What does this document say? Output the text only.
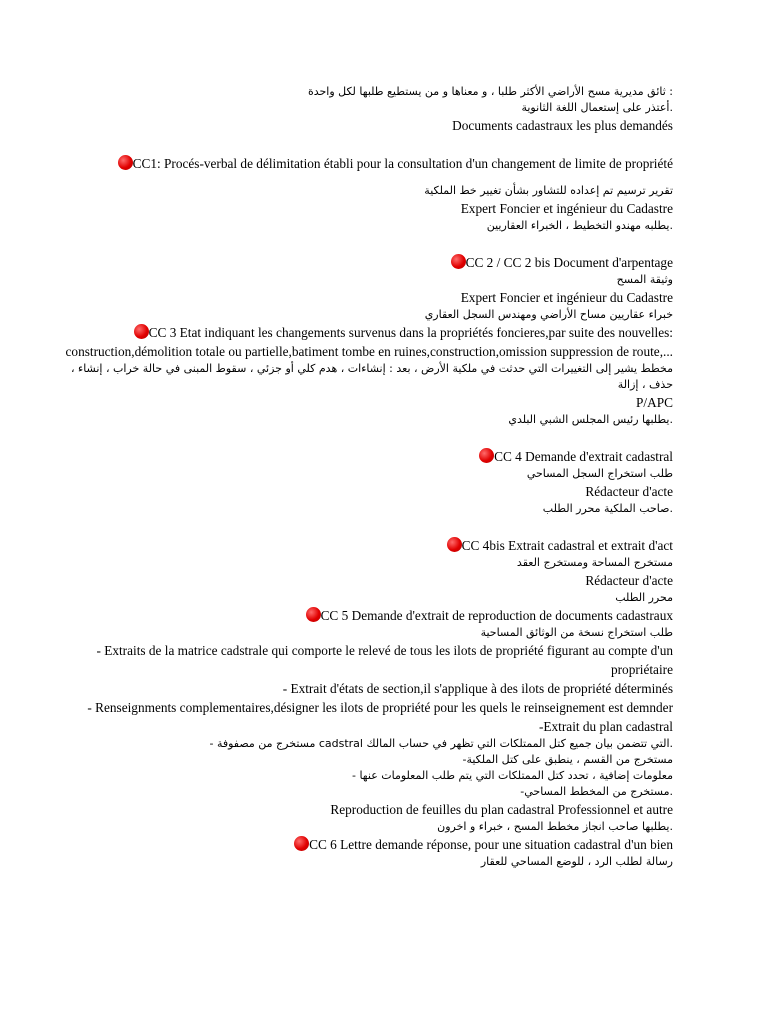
: ثائق مديرية مسح الأراضي الأكثر طلبا ، و معناها و من يستطيع طلبها لكل واحدة
.أعتذر على إستعمال اللغة الثانوية
Documents cadastraux les plus demandés
CC1: Procés-verbal de délimitation établi pour la consultation d'un changement de limite de propriété
تقرير ترسيم تم إعداده للتشاور بشأن تغيير خط الملكية
Expert Foncier et ingénieur du Cadastre
.يطلبه مهندو التخطيط ، الخبراء العقاريين
CC 2 / CC 2 bis Document d'arpentage
وثيقة المسح
Expert Foncier et ingénieur du Cadastre
خبراء عقاريين مساح الأراضي ومهندس السجل العقاري
CC 3 Etat indiquant les changements survenus dans la propriétés foncieres,par suite des nouvelles: construction,démolition totale ou partielle,batiment tombe en ruines,construction,omission suppression de route,...
مخطط يشير إلى التغييرات التي حدثت في ملكية الأرض ، بعد : إنشاءات ، هدم كلي أو جزئي ، سقوط المبنى في حالة خراب ، إنشاء ، حذف ، إزالة
P/APC
.يطلبها رئيس المجلس الشبي البلدي
CC 4 Demande d'extrait cadastral
طلب استخراج السجل المساحي
Rédacteur d'acte
.صاحب الملكية محرر الطلب
CC 4bis Extrait cadastral et extrait d'act
مستخرج المساحة ومستخرج العقد
Rédacteur d'acte
محرر الطلب
CC 5 Demande d'extrait de reproduction de documents cadastraux
طلب استخراج نسخة من الوثائق المساحية
- Extraits de la matrice cadstrale qui comporte le relevé de tous les ilots de propriété figurant au compte d'un propriétaire
- Extrait d'états de section,il s'applique à des ilots de propriété déterminés
- Renseignments complementaires,désigner les ilots de propriété pour les quels le reinseignement est demnder
-Extrait du plan cadastral
.التي تتضمن بيان جميع كتل الممتلكات التي تظهر في حساب المالك cadstral مستخرج من مصفوفة -
مستخرج من القسم ، ينطبق على كتل الملكية-
معلومات إضافية ، تحدد كتل الممتلكات التي يتم طلب المعلومات عنها -
.مستخرج من المخطط المساحي-
Reproduction de feuilles du plan cadastral Professionnel et autre
.يطلبها صاحب انجاز مخطط المسح ، خبراء و اخرون
CC 6 Lettre demande réponse, pour une situation cadastral d'un bien
رسالة لطلب الرد ، للوضع المساحي للعقار
